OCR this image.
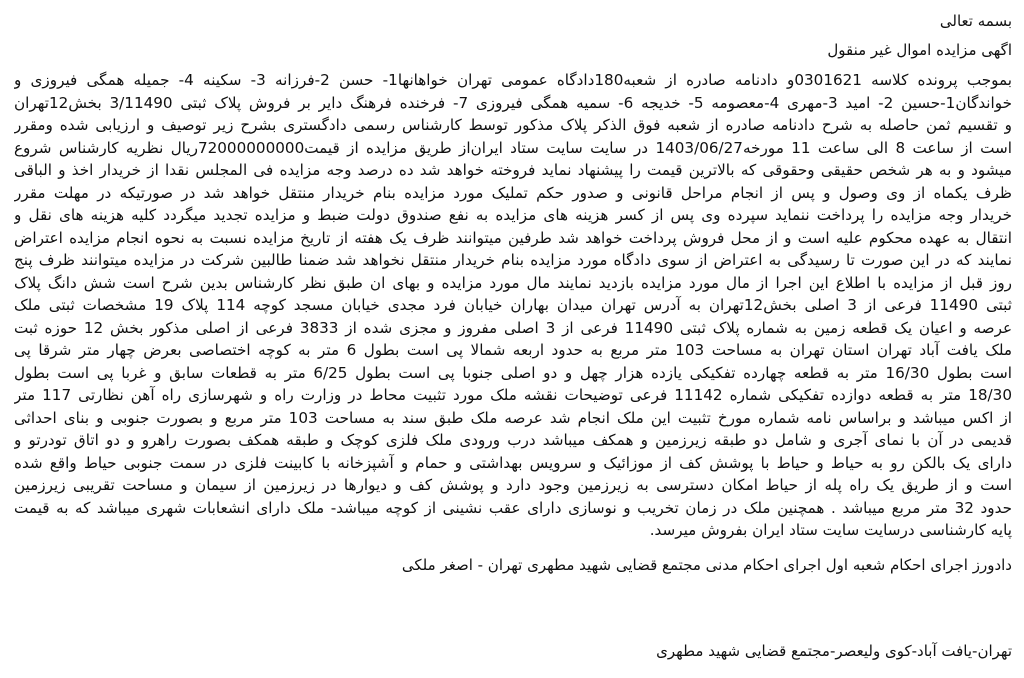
بسمه تعالی
اگهی مزایده اموال غیر منقول
بموجب پرونده کلاسه 0301621و دادنامه صادره از شعبه180دادگاه عمومی تهران خواهانها1- حسن 2-فرزانه 3- سکینه 4- جمیله همگی فیروزی و
خواندگان1-حسین 2- امید 3-مهری 4-معصومه 5- خدیجه 6- سمیه همگی فیروزی 7- فرخنده فرهنگ دایر بر فروش پلاک ثبتی 3/11490 بخش12تهران
و تقسیم ثمن حاصله به شرح دادنامه صادره از شعبه فوق الذکر پلاک مذکور توسط کارشناس رسمی دادگستری بشرح زیر توصیف و ارزیابی شده ومقرر
است از ساعت 8 الی ساعت 11 مورخه1403/06/27 در سایت سایت ستاد ایران‌از طریق مزایده از قیمت72000000000ریال نظریه کارشناس شروع
میشود و به هر شخص حقیقی وحقوقی که بالاترین قیمت را پیشنهاد نماید فروخته خواهد شد ده درصد وجه مزایده فی المجلس نقدا از خریدار اخذ و الباقی
ظرف یکماه از وی وصول و پس از انجام مراحل قانونی و صدور حکم تملیک مورد مزایده بنام خریدار منتقل خواهد شد در صورتیکه در مهلت مقرر
خریدار وجه مزایده را پرداخت ننماید سپرده وی پس از کسر هزینه های مزایده به نفع صندوق دولت ضبط و مزایده تجدید میگردد کلیه هزینه های نقل و
انتقال به عهده محکوم علیه است و از محل فروش پرداخت خواهد شد طرفین میتوانند ظرف یک هفته از تاریخ مزایده نسبت به نحوه انجام مزایده اعتراض
نمایند که در این صورت تا رسیدگی به اعتراض از سوی دادگاه مورد مزایده بنام خریدار منتقل نخواهد شد ضمنا طالبین شرکت در مزایده میتوانند ظرف پنج
روز قبل از مزایده با اطلاع این اجرا از مال مورد مزایده بازدید نمایند مال مورد مزایده و بهای ان طبق نظر کارشناس بدین شرح است شش دانگ پلاک
ثبتی 11490 فرعی از 3 اصلی بخش12تهران به آدرس تهران میدان بهاران خیابان فرد مجدی خیابان مسجد کوچه 114 پلاک 19 مشخصات ثبتی ملک
عرصه و اعیان یک قطعه زمین به شماره پلاک ثبتی 11490 فرعی از 3 اصلی مفروز و مجزی شده از 3833 فرعی از اصلی مذکور بخش 12 حوزه ثبت
ملک یافت آباد تهران استان تهران به مساحت 103 متر مربع به حدود اربعه شمالا پی است بطول 6 متر به کوچه اختصاصی بعرض چهار متر شرقا پی
است بطول 16/30 متر به قطعه چهارده تفکیکی یازده هزار چهل و دو اصلی جنوبا پی است بطول 6/25 متر به قطعات سابق و غربا پی است بطول
18/30 متر به قطعه دوازده تفکیکی شماره 11142 فرعی توضیحات نقشه ملک مورد تثبیت محاط در وزارت راه و شهرسازی راه آهن نظارتی 117 متر
از اکس میباشد و براساس نامه شماره مورخ تثبیت این ملک انجام شد عرصه ملک طبق سند به مساحت 103 متر مربع و بصورت جنوبی و بنای احداثی
قدیمی در آن با نمای آجری و شامل دو طبقه زیرزمین و همکف میباشد درب ورودی ملک فلزی کوچک و طبقه همکف بصورت راهرو و دو اتاق تودرتو و
دارای یک بالکن رو به حیاط و حیاط با پوشش کف از موزائیک و سرویس بهداشتی و حمام و آشپزخانه با کابینت فلزی در سمت جنوبی حیاط واقع شده
است و از طریق یک راه پله از حیاط امکان دسترسی به زیرزمین وجود دارد و پوشش کف و دیوارها در زیرزمین از سیمان و مساحت تقریبی زیرزمین
حدود 32 متر مربع میباشد . همچنین ملک در زمان تخریب و نوسازی دارای عقب نشینی از کوچه میباشد- ملک دارای انشعابات شهری میباشد که به قیمت
پایه کارشناسی درسایت سایت ستاد ایران بفروش میرسد.
دادورز اجرای احکام شعبه اول اجرای احکام مدنی مجتمع قضایی شهید مطهری تهران - اصغر ملکی
تهران-یافت آباد-کوی ولیعصر-مجتمع قضایی شهید مطهری
